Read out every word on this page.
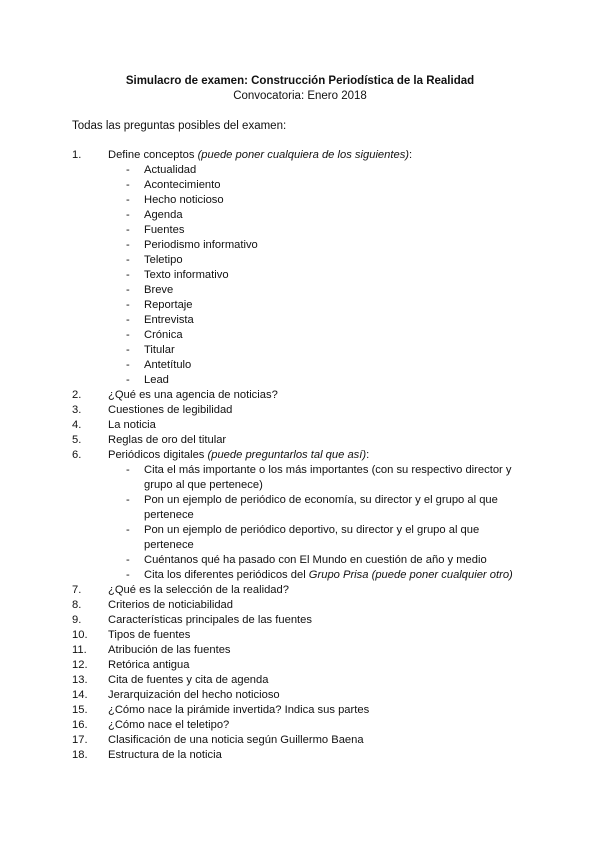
Simulacro de examen: Construcción Periodística de la Realidad
Convocatoria: Enero 2018
Todas las preguntas posibles del examen:
1.	Define conceptos (puede poner cualquiera de los siguientes):
- Actualidad
- Acontecimiento
- Hecho noticioso
- Agenda
- Fuentes
- Periodismo informativo
- Teletipo
- Texto informativo
- Breve
- Reportaje
- Entrevista
- Crónica
- Titular
- Antetítulo
- Lead
2.	¿Qué es una agencia de noticias?
3.	Cuestiones de legibilidad
4.	La noticia
5.	Reglas de oro del titular
6.	Periódicos digitales (puede preguntarlos tal que así):
- Cita el más importante o los más importantes (con su respectivo director y grupo al que pertenece)
- Pon un ejemplo de periódico de economía, su director y el grupo al que pertenece
- Pon un ejemplo de periódico deportivo, su director y el grupo al que pertenece
- Cuéntanos qué ha pasado con El Mundo en cuestión de año y medio
- Cita los diferentes periódicos del Grupo Prisa (puede poner cualquier otro)
7.	¿Qué es la selección de la realidad?
8.	Criterios de noticiabilidad
9.	Características principales de las fuentes
10.	Tipos de fuentes
11.	Atribución de las fuentes
12.	Retórica antigua
13.	Cita de fuentes y cita de agenda
14.	Jerarquización del hecho noticioso
15.	¿Cómo nace la pirámide invertida? Indica sus partes
16.	¿Cómo nace el teletipo?
17.	Clasificación de una noticia según Guillermo Baena
18.	Estructura de la noticia
